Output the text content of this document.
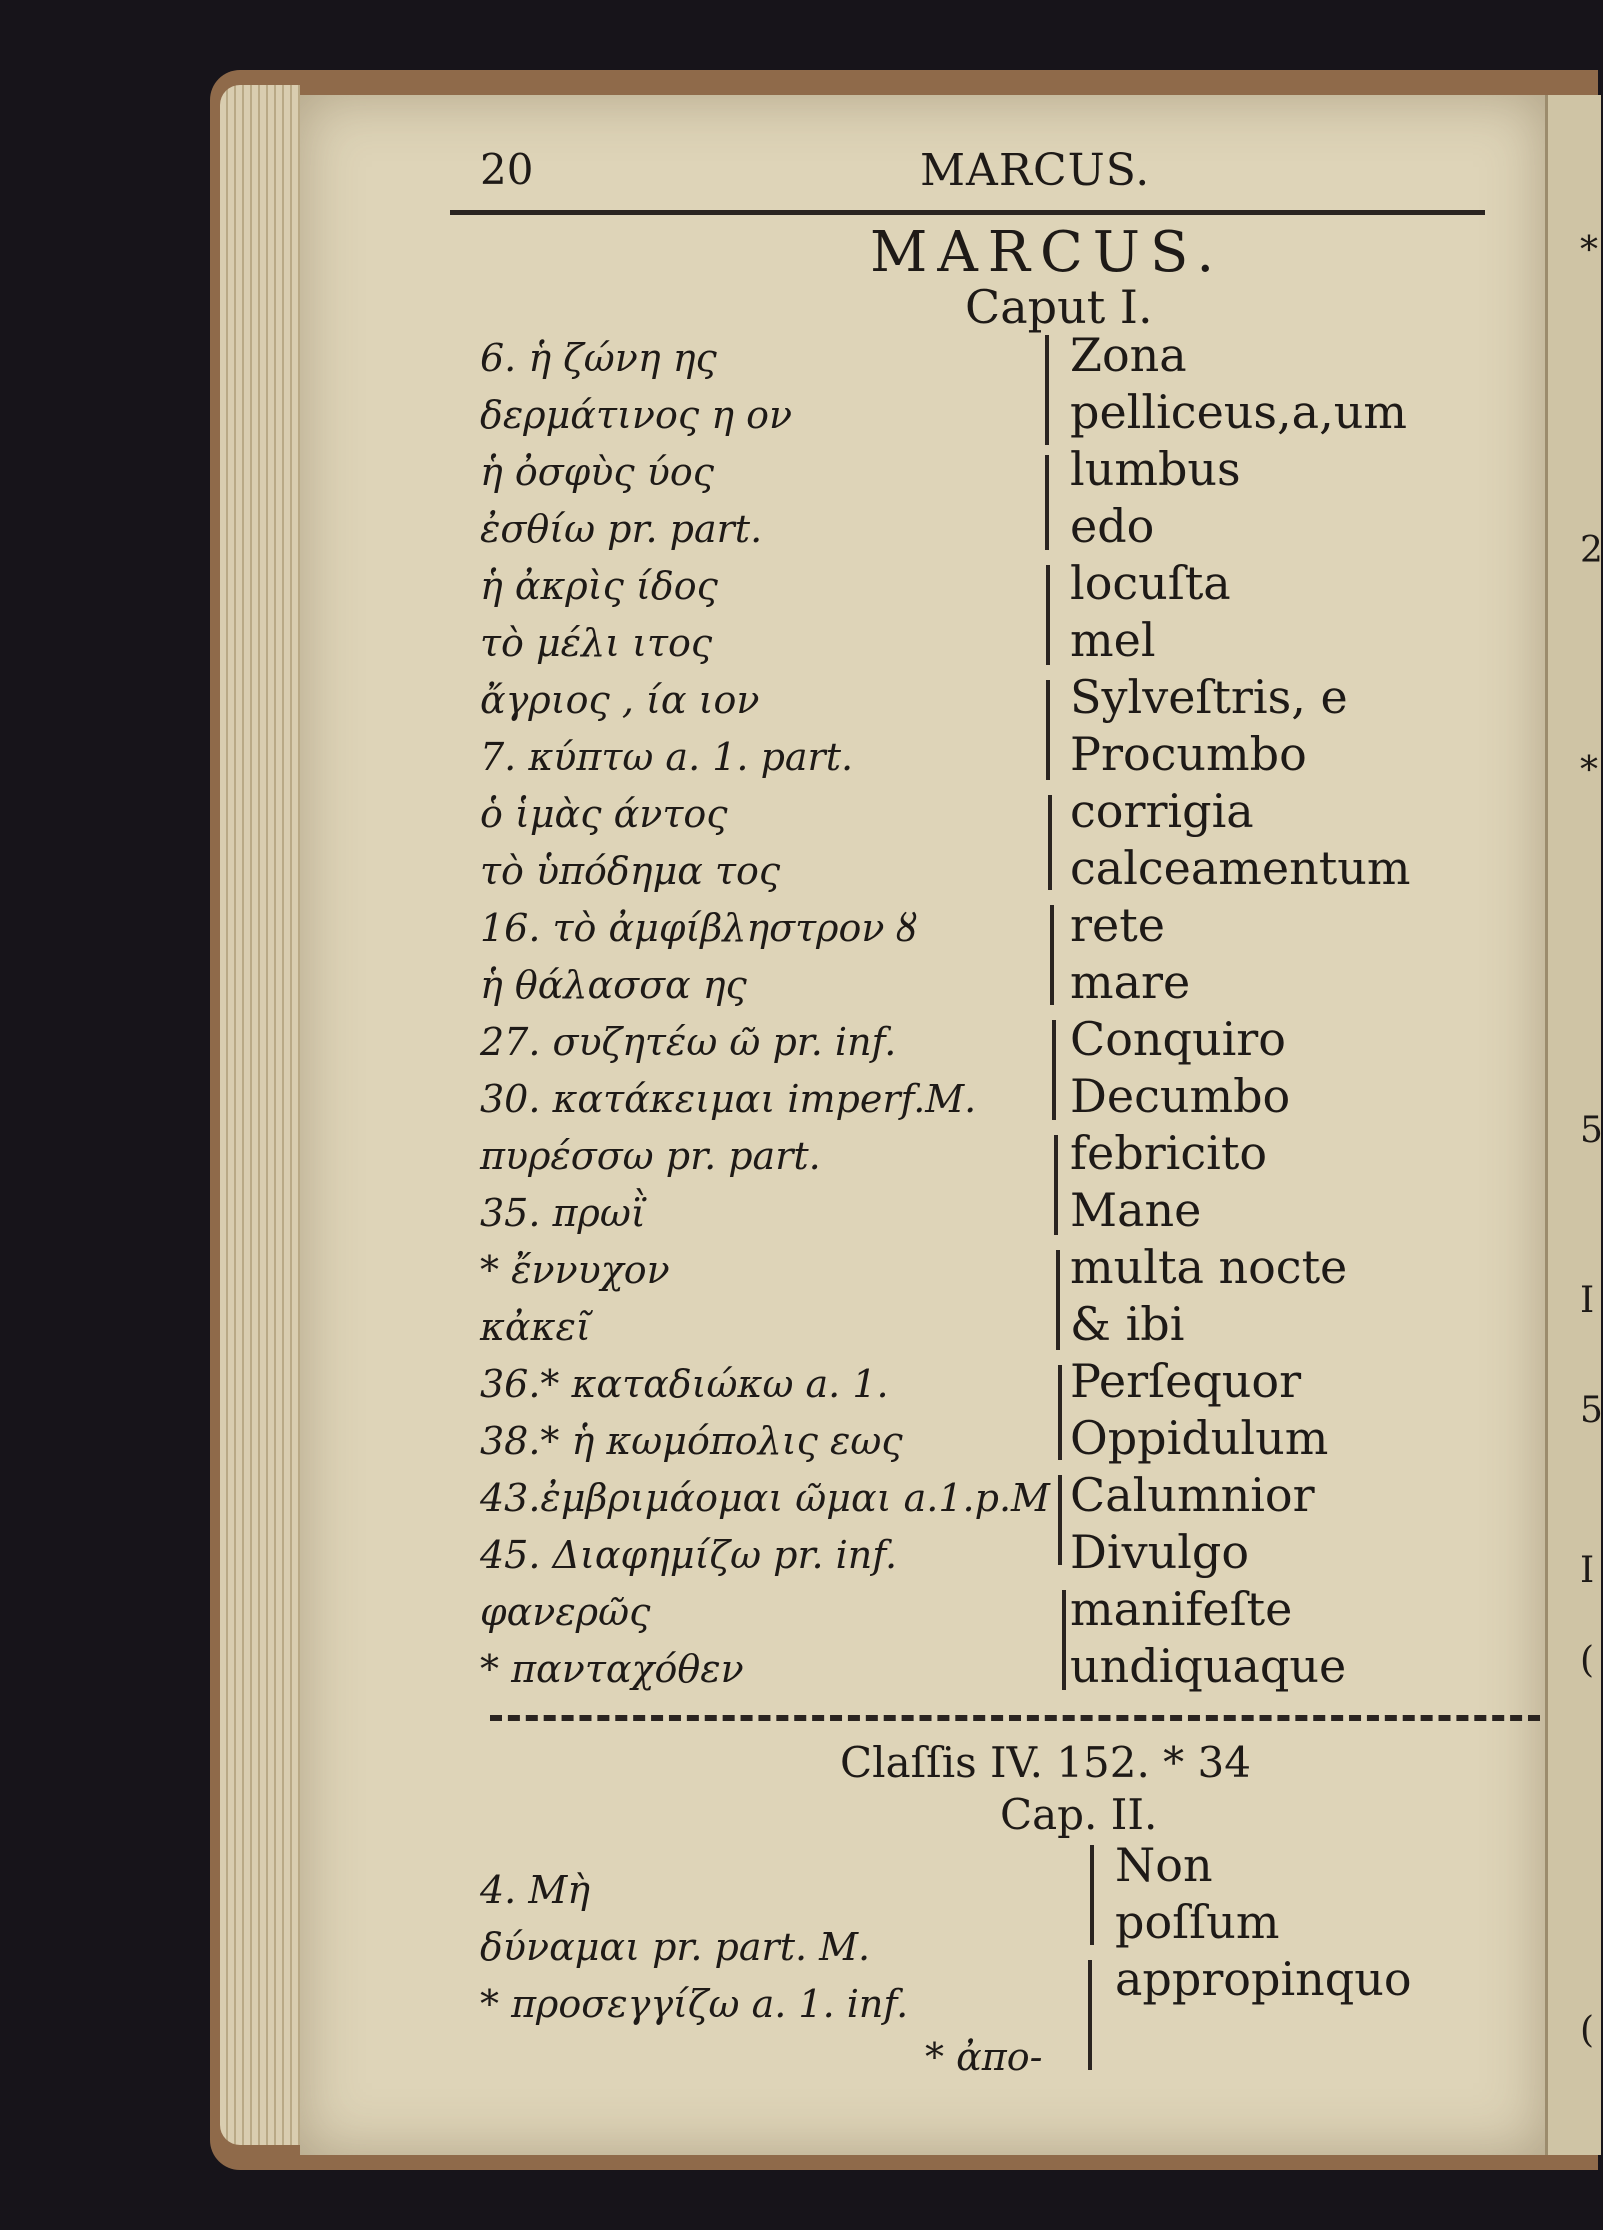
20	MARCUS.
MARCUS.
Caput I.
6. ἡ ζώνη ης	Zona
δερμάτινος η ον	pelliceus,a,um
ἡ ὀσφὺς ύος	lumbus
ἐσθίω pr. part.	edo
ἡ ἀκρὶς ίδος	locuſta
τὸ μέλι ιτος	mel
ἄγριος , ία ιον	Sylveſtris, e
7. κύπτω a. 1. part.	Procumbo
ὁ ἱμὰς άντος	corrigia
τὸ ὑπόδημα τος	calceamentum
16. τὸ ἀμφίβληστρον ȣ	rete
ἡ θάλασσα ης	mare
27. συζητέω ῶ pr. inf.	Conquiro
30. κατάκειμαι imperf.M. Decumbo
πυρέσσω pr. part.	febricito
35. πρωῒ	Mane
* ἔννυχον	multa nocte
κἀκεῖ	& ibi
36.* καταδιώκω a. 1.	Perſequor
38.* ἡ κωμόπολις εως	Oppidulum
43.ἐμβριμάομαι ῶμαι a.1.p.M Calumnior
45. Διαφημίζω pr. inf.	Divulgo
φανερῶς	manifeſte
* πανταχόθεν	undiquaque
Claſſis IV. 152. * 34
Cap. II.
4. Μὴ	Non
δύναμαι pr. part. M.	poſſum
* προσεγγίζω a. 1. inf.	appropinquo
* ἀπο-
*
2
*
5
I
5
I
(
(
